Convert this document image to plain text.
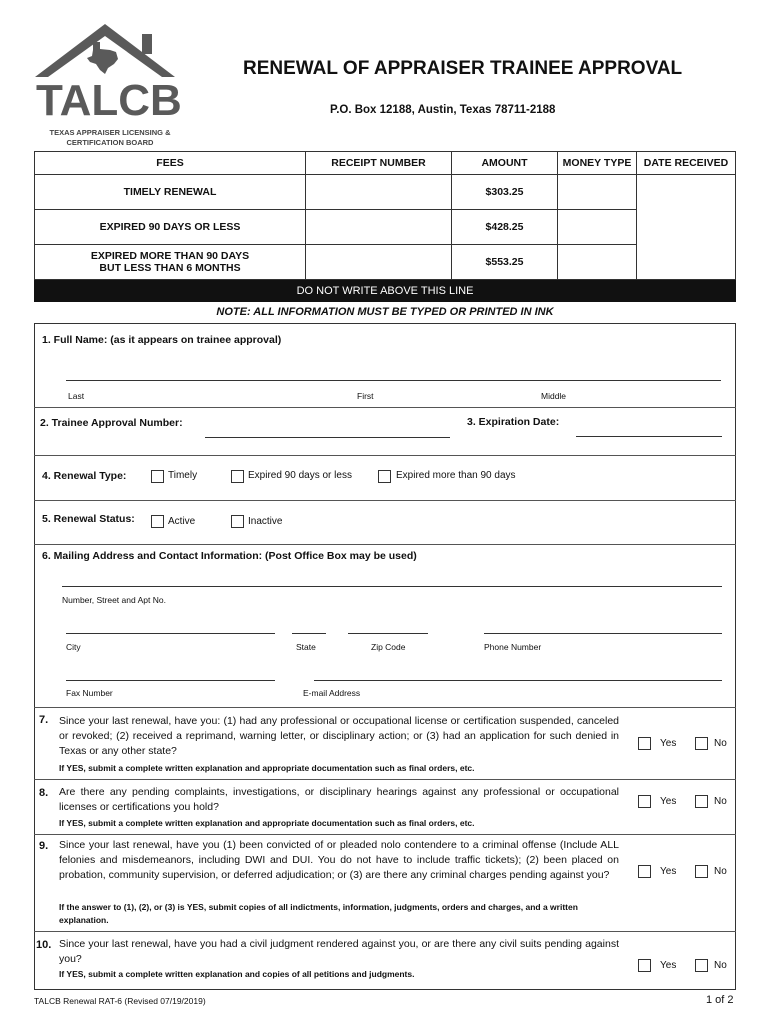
TALCB
TEXAS APPRAISER LICENSING & CERTIFICATION BOARD
RENEWAL OF APPRAISER TRAINEE APPROVAL
P.O. Box 12188, Austin, Texas 78711-2188
FEES	RECEIPT NUMBER	AMOUNT	MONEY TYPE	DATE RECEIVED
TIMELY RENEWAL		$303.25		
EXPIRED 90 DAYS OR LESS		$428.25		
EXPIRED MORE THAN 90 DAYS BUT LESS THAN 6 MONTHS		$553.25		
DO NOT WRITE ABOVE THIS LINE
NOTE: ALL INFORMATION MUST BE TYPED OR PRINTED IN INK
1. Full Name: (as it appears on trainee approval)
Last	First	Middle
2. Trainee Approval Number:	3. Expiration Date:
4. Renewal Type:	Timely	Expired 90 days or less	Expired more than 90 days
5. Renewal Status:	Active	Inactive
6. Mailing Address and Contact Information: (Post Office Box may be used)
Number, Street and Apt No.
City	State	Zip Code	Phone Number
Fax Number	E-mail Address
7. Since your last renewal, have you: (1) had any professional or occupational license or certification suspended, canceled or revoked; (2) received a reprimand, warning letter, or disciplinary action; or (3) had an application for such denied in Texas or any other state?
If YES, submit a complete written explanation and appropriate documentation such as final orders, etc.
Yes	No
8. Are there any pending complaints, investigations, or disciplinary hearings against any professional or occupational licenses or certifications you hold?
If YES, submit a complete written explanation and appropriate documentation such as final orders, etc.
Yes	No
9. Since your last renewal, have you (1) been convicted of or pleaded nolo contendere to a criminal offense (Include ALL felonies and misdemeanors, including DWI and DUI. You do not have to include traffic tickets); (2) been placed on probation, community supervision, or deferred adjudication; or (3) are there any criminal charges pending against you?
If the answer to (1), (2), or (3) is YES, submit copies of all indictments, information, judgments, orders and charges, and a written explanation.
Yes	No
10. Since your last renewal, have you had a civil judgment rendered against you, or are there any civil suits pending against you?
If YES, submit a complete written explanation and copies of all petitions and judgments.
Yes	No
TALCB Renewal RAT-6 (Revised 07/19/2019)	1 of 2
